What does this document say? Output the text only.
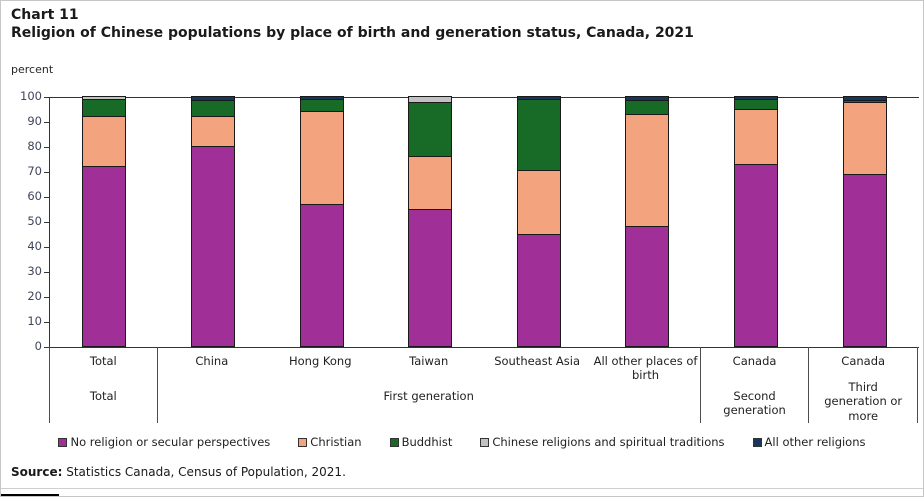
Chart 11
Religion of Chinese populations by place of birth and generation status, Canada, 2021
percent
100
90
80
70
60
50
40
30
20
10
0
Total
Total
China	Hong Kong	Taiwan	Southeast Asia	All other places of birth
First generation
Canada
Second generation
Canada
Third generation or more
No religion or secular perspectives	Christian	Buddhist	Chinese religions and spiritual traditions	All other religions
Source: Statistics Canada, Census of Population, 2021.
